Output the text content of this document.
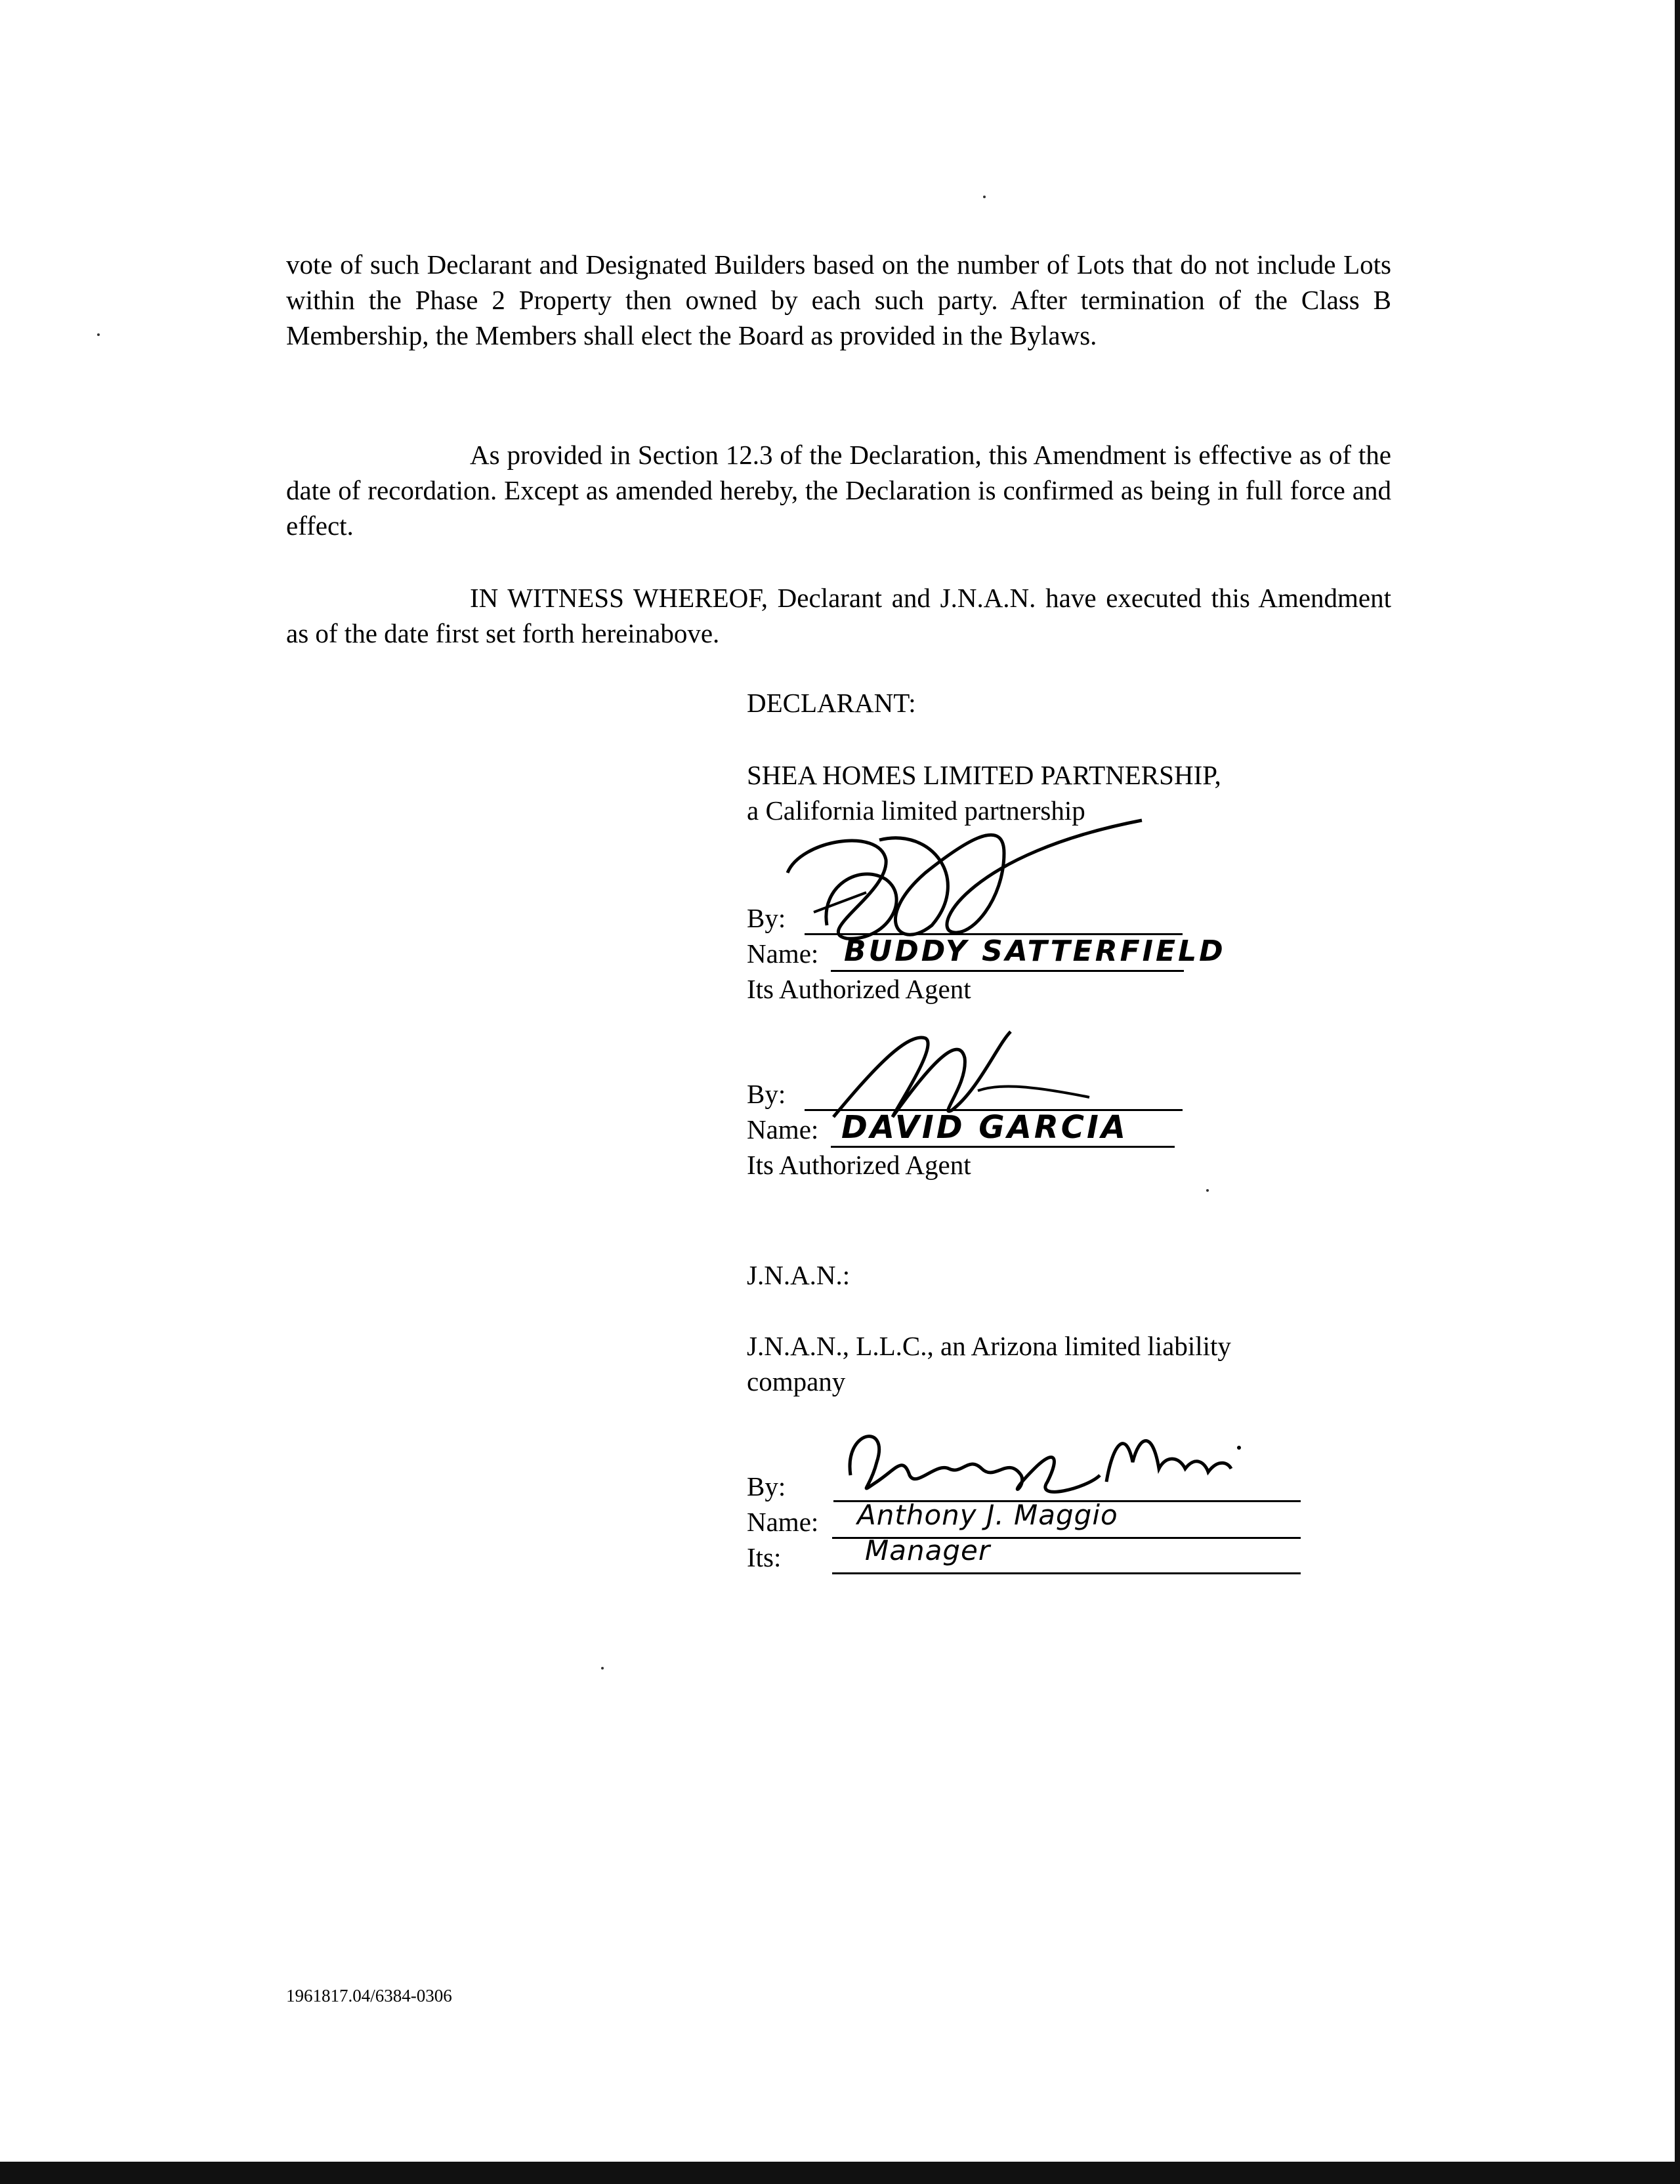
vote of such Declarant and Designated Builders based on the number of Lots that do not include Lots within the Phase 2 Property then owned by each such party. After termination of the Class B Membership, the Members shall elect the Board as provided in the Bylaws.

As provided in Section 12.3 of the Declaration, this Amendment is effective as of the date of recordation. Except as amended hereby, the Declaration is confirmed as being in full force and effect.

IN WITNESS WHEREOF, Declarant and J.N.A.N. have executed this Amendment as of the date first set forth hereinabove.

DECLARANT:
SHEA HOMES LIMITED PARTNERSHIP,
a California limited partnership
By:
Name: BUDDY SATTERFIELD
Its Authorized Agent
By:
Name: DAVID GARCIA
Its Authorized Agent
J.N.A.N.:
J.N.A.N., L.L.C., an Arizona limited liability
company
By:
Name: Anthony J. Maggio
Its:	Manager
1961817.04/6384-0306
